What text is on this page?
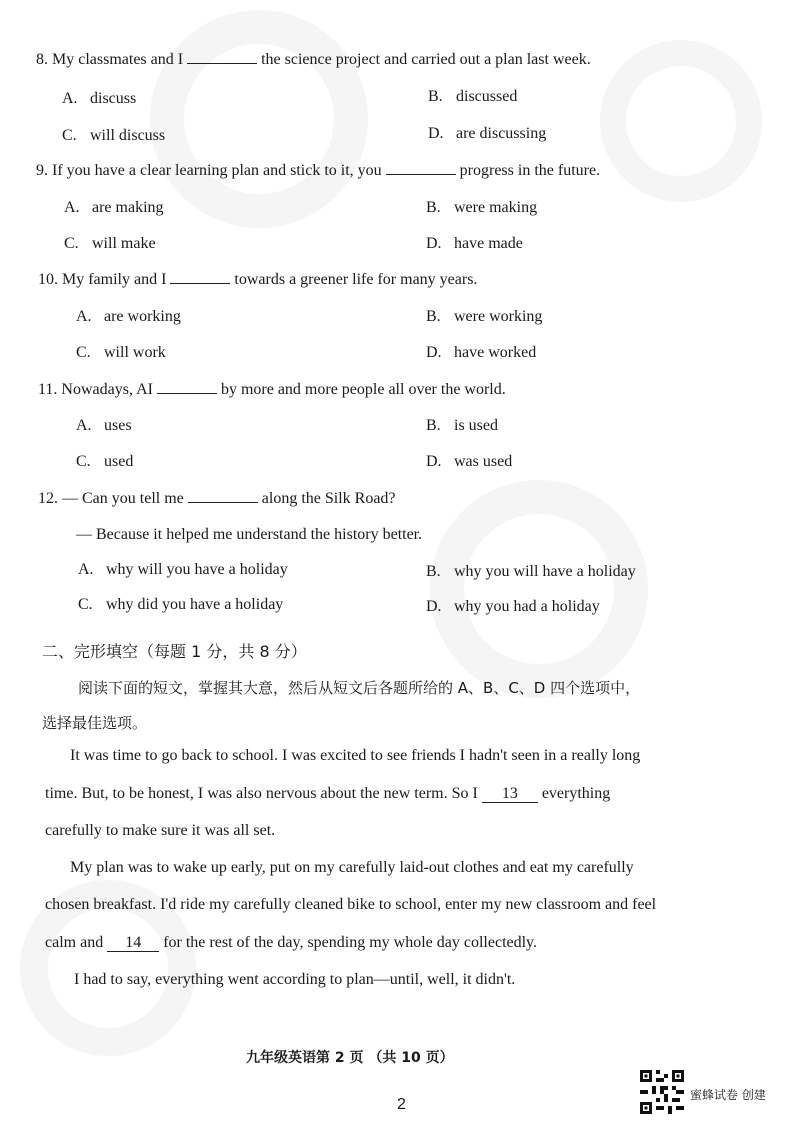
8. My classmates and I	the science project and carried out a plan last week.
A. discuss	B. discussed
C. will discuss	D. are discussing
9. If you have a clear learning plan and stick to it, you	progress in the future.
A. are making	B. were making
C. will make	D. have made
10. My family and I	towards a greener life for many years.
A. are working	B. were working
C. will work	D. have worked
11. Nowadays, AI	by more and more people all over the world.
A. uses	B. is used
C. used	D. was used
12. — Can you tell me	along the Silk Road?
— Because it helped me understand the history better.
A. why will you have a holiday	B. why you will have a holiday
C. why did you have a holiday	D. why you had a holiday
二、完形填空（每题 1 分，共 8 分）
阅读下面的短文，掌握其大意，然后从短文后各题所给的 A、B、C、D 四个选项中，
选择最佳选项。
It was time to go back to school. I was excited to see friends I hadn't seen in a really long
time. But, to be honest, I was also nervous about the new term. So I 13 everything
carefully to make sure it was all set.
My plan was to wake up early, put on my carefully laid-out clothes and eat my carefully
chosen breakfast. I'd ride my carefully cleaned bike to school, enter my new classroom and feel
calm and 14 for the rest of the day, spending my whole day collectedly.
I had to say, everything went according to plan—until, well, it didn't.
九年级英语第 2 页 （共 10 页）
2
蜜蜂试卷 创建
